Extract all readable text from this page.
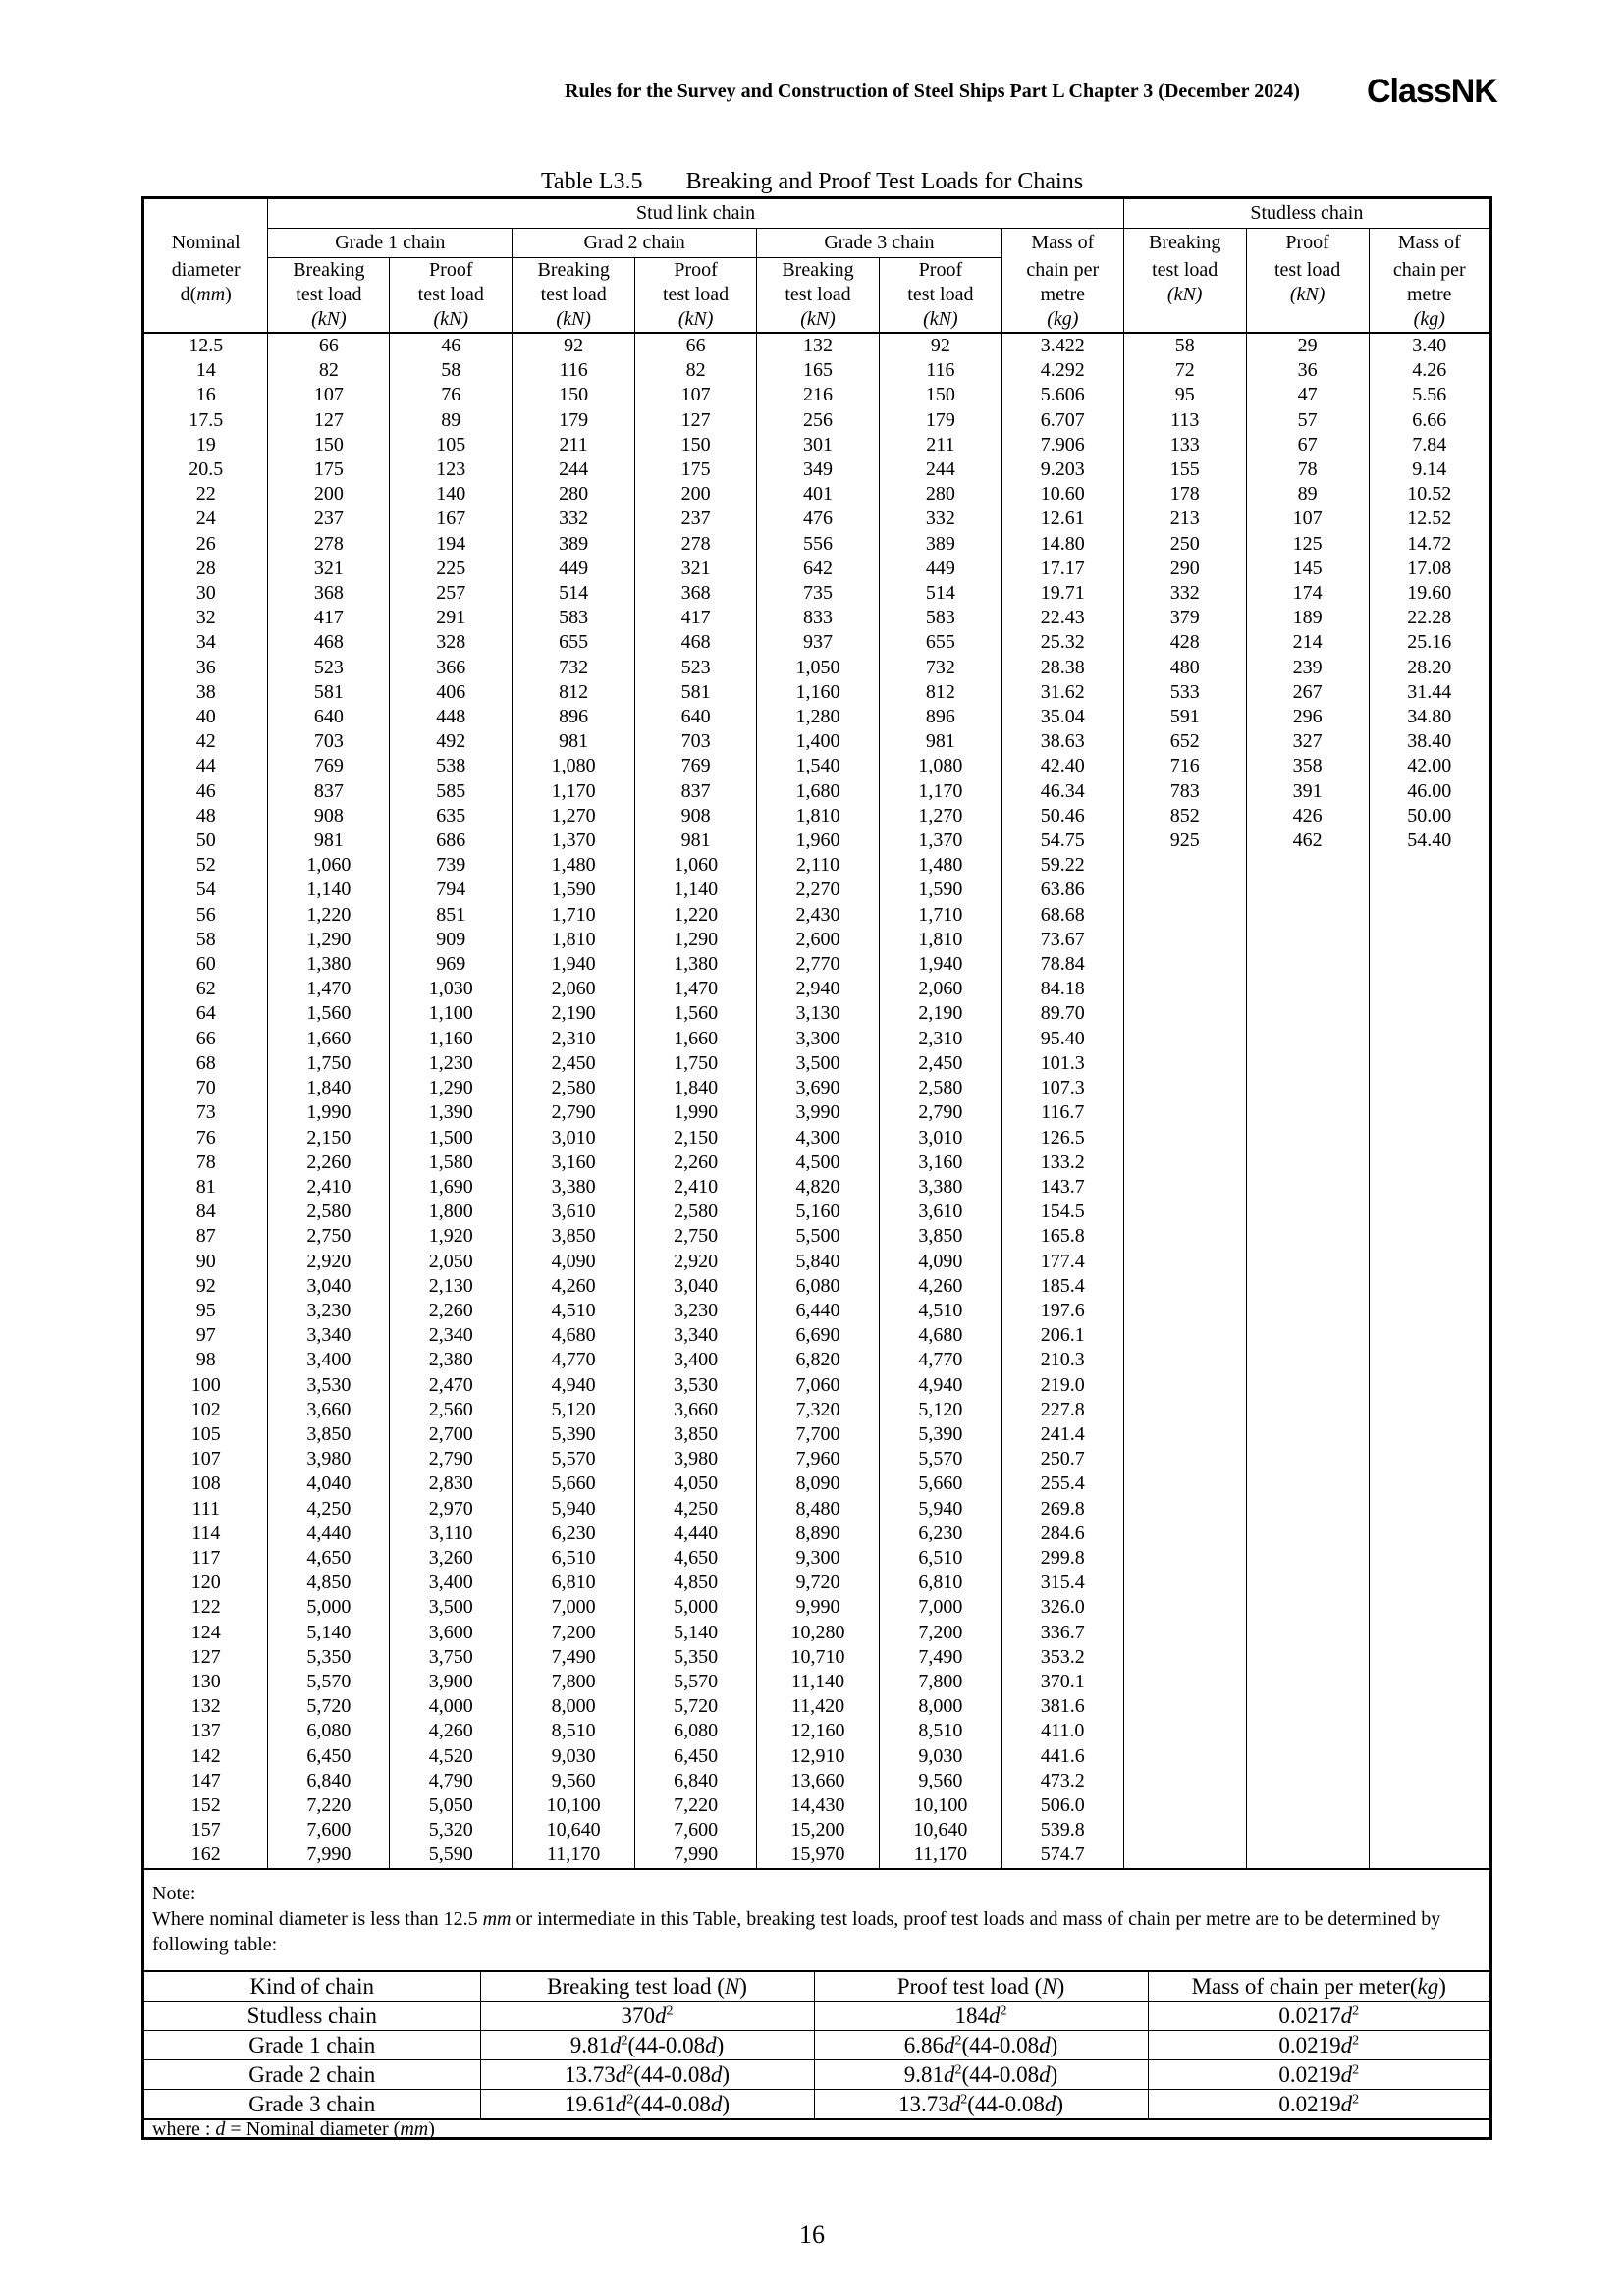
Rules for the Survey and Construction of Steel Ships Part L Chapter 3 (December 2024) ClassNK
Table L3.5 Breaking and Proof Test Loads for Chains
	Stud link chain							Studless chain		
Nominal	Grade 1 chain		Grad 2 chain		Grade 3 chain		Mass of	Breaking	Proof	Mass of
diameter	Breaking	Proof	Breaking	Proof	Breaking	Proof	chain per	test load	test load	chain per
d(mm)	test load	test load	test load	test load	test load	test load	metre	(kN)	(kN)	metre
	(kN)	(kN)	(kN)	(kN)	(kN)	(kN)	(kg)			(kg)
12.5	66	46	92	66	132	92	3.422	58	29	3.40
14	82	58	116	82	165	116	4.292	72	36	4.26
16	107	76	150	107	216	150	5.606	95	47	5.56
17.5	127	89	179	127	256	179	6.707	113	57	6.66
19	150	105	211	150	301	211	7.906	133	67	7.84
20.5	175	123	244	175	349	244	9.203	155	78	9.14
22	200	140	280	200	401	280	10.60	178	89	10.52
24	237	167	332	237	476	332	12.61	213	107	12.52
26	278	194	389	278	556	389	14.80	250	125	14.72
28	321	225	449	321	642	449	17.17	290	145	17.08
30	368	257	514	368	735	514	19.71	332	174	19.60
32	417	291	583	417	833	583	22.43	379	189	22.28
34	468	328	655	468	937	655	25.32	428	214	25.16
36	523	366	732	523	1,050	732	28.38	480	239	28.20
38	581	406	812	581	1,160	812	31.62	533	267	31.44
40	640	448	896	640	1,280	896	35.04	591	296	34.80
42	703	492	981	703	1,400	981	38.63	652	327	38.40
44	769	538	1,080	769	1,540	1,080	42.40	716	358	42.00
46	837	585	1,170	837	1,680	1,170	46.34	783	391	46.00
48	908	635	1,270	908	1,810	1,270	50.46	852	426	50.00
50	981	686	1,370	981	1,960	1,370	54.75	925	462	54.40
52	1,060	739	1,480	1,060	2,110	1,480	59.22			
54	1,140	794	1,590	1,140	2,270	1,590	63.86			
56	1,220	851	1,710	1,220	2,430	1,710	68.68			
58	1,290	909	1,810	1,290	2,600	1,810	73.67			
60	1,380	969	1,940	1,380	2,770	1,940	78.84			
62	1,470	1,030	2,060	1,470	2,940	2,060	84.18			
64	1,560	1,100	2,190	1,560	3,130	2,190	89.70			
66	1,660	1,160	2,310	1,660	3,300	2,310	95.40			
68	1,750	1,230	2,450	1,750	3,500	2,450	101.3			
70	1,840	1,290	2,580	1,840	3,690	2,580	107.3			
73	1,990	1,390	2,790	1,990	3,990	2,790	116.7			
76	2,150	1,500	3,010	2,150	4,300	3,010	126.5			
78	2,260	1,580	3,160	2,260	4,500	3,160	133.2			
81	2,410	1,690	3,380	2,410	4,820	3,380	143.7			
84	2,580	1,800	3,610	2,580	5,160	3,610	154.5			
87	2,750	1,920	3,850	2,750	5,500	3,850	165.8			
90	2,920	2,050	4,090	2,920	5,840	4,090	177.4			
92	3,040	2,130	4,260	3,040	6,080	4,260	185.4			
95	3,230	2,260	4,510	3,230	6,440	4,510	197.6			
97	3,340	2,340	4,680	3,340	6,690	4,680	206.1			
98	3,400	2,380	4,770	3,400	6,820	4,770	210.3			
100	3,530	2,470	4,940	3,530	7,060	4,940	219.0			
102	3,660	2,560	5,120	3,660	7,320	5,120	227.8			
105	3,850	2,700	5,390	3,850	7,700	5,390	241.4			
107	3,980	2,790	5,570	3,980	7,960	5,570	250.7			
108	4,040	2,830	5,660	4,050	8,090	5,660	255.4			
111	4,250	2,970	5,940	4,250	8,480	5,940	269.8			
114	4,440	3,110	6,230	4,440	8,890	6,230	284.6			
117	4,650	3,260	6,510	4,650	9,300	6,510	299.8			
120	4,850	3,400	6,810	4,850	9,720	6,810	315.4			
122	5,000	3,500	7,000	5,000	9,990	7,000	326.0			
124	5,140	3,600	7,200	5,140	10,280	7,200	336.7			
127	5,350	3,750	7,490	5,350	10,710	7,490	353.2			
130	5,570	3,900	7,800	5,570	11,140	7,800	370.1			
132	5,720	4,000	8,000	5,720	11,420	8,000	381.6			
137	6,080	4,260	8,510	6,080	12,160	8,510	411.0			
142	6,450	4,520	9,030	6,450	12,910	9,030	441.6			
147	6,840	4,790	9,560	6,840	13,660	9,560	473.2			
152	7,220	5,050	10,100	7,220	14,430	10,100	506.0			
157	7,600	5,320	10,640	7,600	15,200	10,640	539.8			
162	7,990	5,590	11,170	7,990	15,970	11,170	574.7			
Note:
Where nominal diameter is less than 12.5 mm or intermediate in this Table, breaking test loads, proof test loads and mass of chain per metre are to be determined by following table:
Kind of chain	Breaking test load (N)	Proof test load (N)	Mass of chain per meter(kg)
Studless chain	$370d^2$	$184d^2$	$0.0217d^2$
Grade 1 chain	$9.81d^2(44-0.08d)$	$6.86d^2(44-0.08d)$	$0.0219d^2$
Grade 2 chain	$13.73d^2(44-0.08d)$	$9.81d^2(44-0.08d)$	$0.0219d^2$
Grade 3 chain	$19.61d^2(44-0.08d)$	$13.73d^2(44-0.08d)$	$0.0219d^2$
where : d = Nominal diameter (mm)
16
